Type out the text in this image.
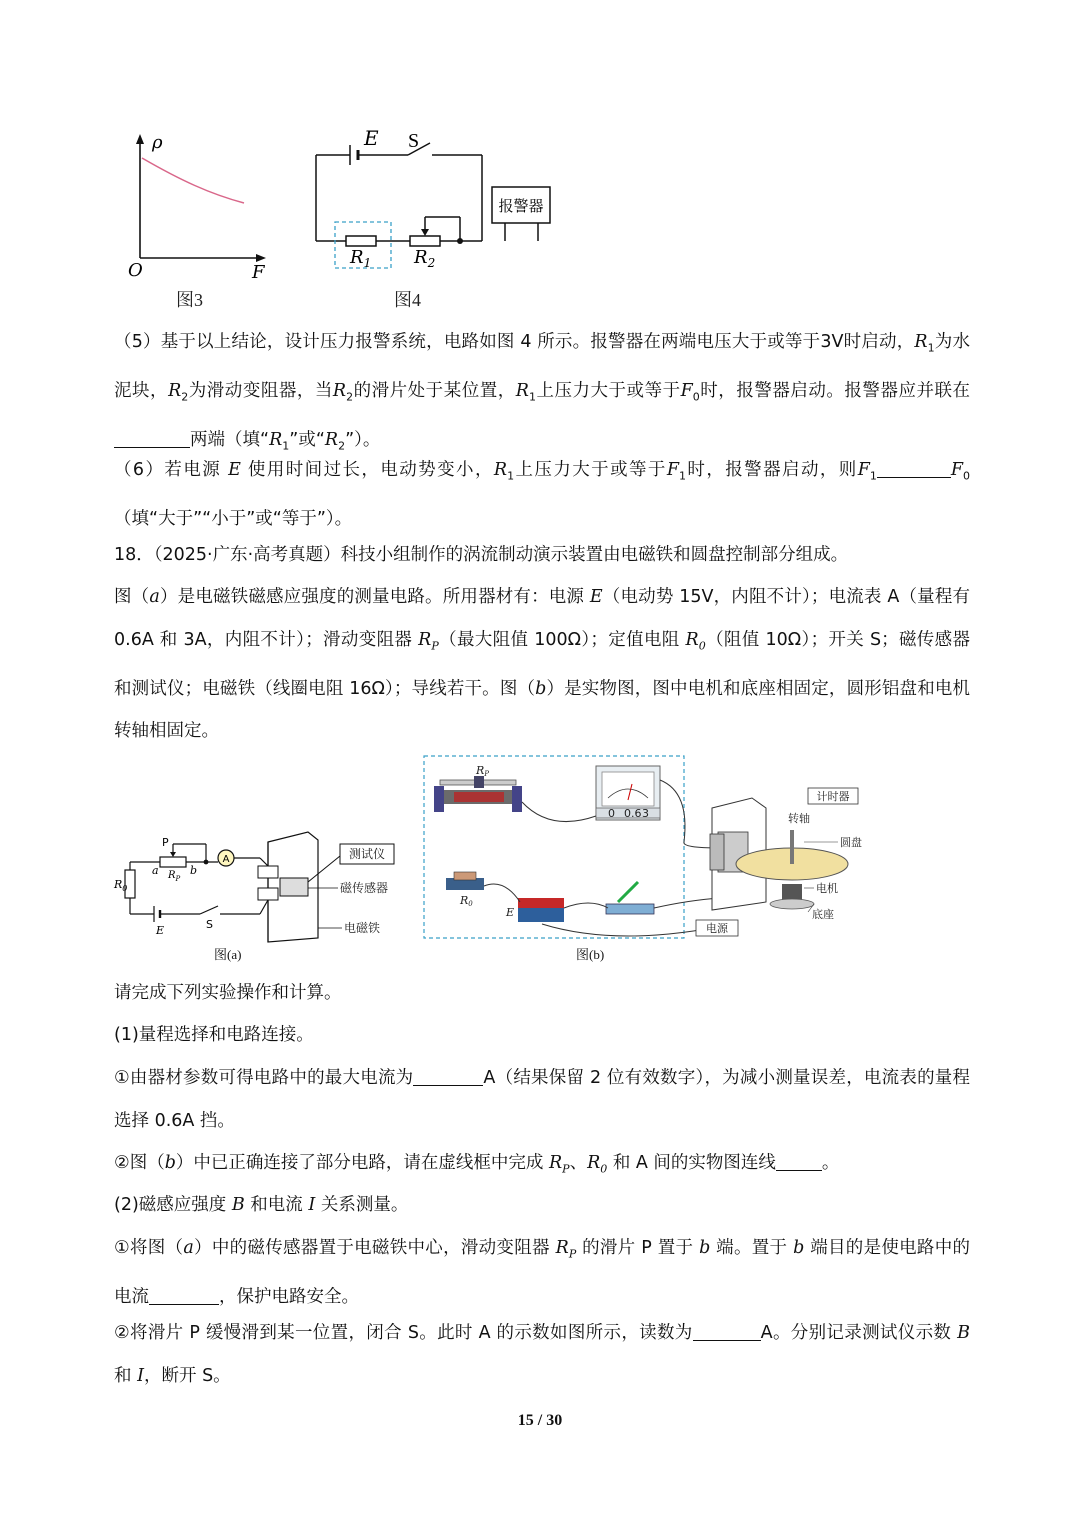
ρ
O	F
图3
E S
$R_1$ $R_2$
报警器
图4

（5）基于以上结论，设计压力报警系统，电路如图 4 所示。报警器在两端电压大于或等于3V时启动，$R_1$为水泥块，$R_2$为滑动变阻器，当$R_2$的滑片处于某位置，$R_1$上压力大于或等于$F_0$时，报警器启动。报警器应并联在两端（填“$R_1$”或“$R_2$”）。

（6）若电源 E 使用时间过长，电动势变小，$R_1$上压力大于或等于$F_1$时，报警器启动，则$F_1$	$F_0$（填“大于”“小于”或“等于”）。

18．（2025·广东·高考真题）科技小组制作的涡流制动演示装置由电磁铁和圆盘控制部分组成。

图（a）是电磁铁磁感应强度的测量电路。所用器材有：电源 E（电动势 15V，内阻不计）；电流表 A（量程有 0.6A 和 3A，内阻不计）；滑动变阻器 $R_P$（最大阻值 100Ω）；定值电阻 $R_0$（阻值 10Ω）；开关 S；磁传感器和测试仪；电磁铁（线圈电阻 16Ω）；导线若干。图（b）是实物图，图中电机和底座相固定，圆形铝盘和电机转轴相固定。

$R_0$
P
a $R_P$
b
A
E	S
测试仪
磁传感器
电磁铁
图(a)
RP
0 0.6 3
R0
E
计时器
转轴
圆盘
电机
底座
电源
图(b)

请完成下列实验操作和计算。

(1)量程选择和电路连接。

①由器材参数可得电路中的最大电流为	A（结果保留 2 位有效数字），为减小测量误差，电流表的量程选择 0.6A 挡。

②图（b）中已正确连接了部分电路，请在虚线框中完成 $R_P$、$R_0$ 和 A 间的实物图连线	。

(2)磁感应强度 B 和电流 I 关系测量。

①将图（a）中的磁传感器置于电磁铁中心，滑动变阻器 $R_P$ 的滑片 P 置于 b 端。置于 b 端目的是使电路中的电流	，保护电路安全。

②将滑片 P 缓慢滑到某一位置，闭合 S。此时 A 的示数如图所示，读数为	A。分别记录测试仪示数 B 和 I，断开 S。

15 / 30
